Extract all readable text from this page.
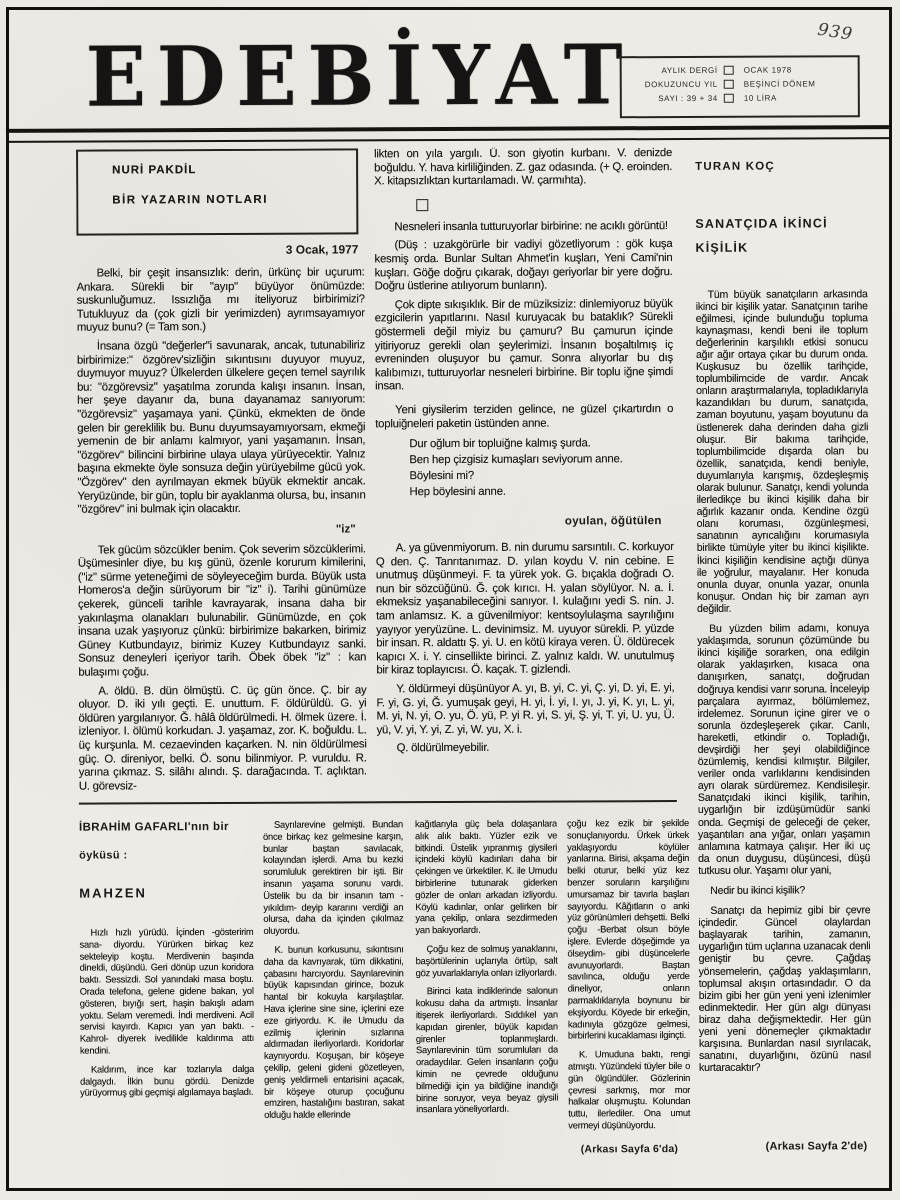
EDEBİYAT	939
AYLIK DERGİ	OCAK 1978
DOKUZUNCU YIL	BEŞİNCİ DÖNEM
SAYI : 39 + 34	10 LİRA

NURİ PAKDİL

BİR YAZARIN NOTLARI

3 Ocak, 1977

Belki, bir çeşit insansızlık: derin, ürkünç bir uçurum: Ankara. Sürekli bir "ayıp" büyüyor önümüzde: suskunluğumuz. Issızlığa mı iteliyoruz birbirimizi? Tutukluyuz da (çok gizli bir yerimizden) ayrımsayamıyor muyuz bunu? (= Tam son.)

İnsana özgü "değerler"i savunarak, ancak, tutunabiliriz birbirimize:" özgörev'sizliğin sıkıntısını duyuyor muyuz, duymuyor muyuz? Ülkelerden ülkelere geçen temel sayrılık bu: "özgörevsiz" yaşatılma zorunda kalışı insanın. İnsan, her şeye dayanır da, buna dayanamaz sanıyorum: "özgörevsiz" yaşamaya yani. Çünkü, ekmekten de önde gelen bir gereklilik bu. Bunu duyumsayamıyorsam, ekmeği yemenin de bir anlamı kalmıyor, yani yaşamanın. İnsan, "özgörev" bilincini birbirine ulaya ulaya yürüyecektir. Yalnız başına ekmekte öyle sonsuza değin yürüyebilme gücü yok. "Özgörev" den ayrılmayan ekmek büyük ekmektir ancak. Yeryüzünde, bir gün, toplu bir ayaklanma olursa, bu, insanın "özgörev" ini bulmak için olacaktır.

"iz"

Tek gücüm sözcükler benim. Çok severim sözcüklerimi. Üşümesinler diye, bu kış günü, özenle korurum kimilerini, ("iz" sürme yeteneğimi de söyleyeceğim burda. Büyük usta Homeros'a değin sürüyorum bir "iz" i). Tarihi günümüze çekerek, günceli tarihle kavrayarak, insana daha bir yakınlaşma olanakları bulunabilir. Günümüzde, en çok insana uzak yaşıyoruz çünkü: birbirimize bakarken, birimiz Güney Kutbundayız, birimiz Kuzey Kutbundayız sanki. Sonsuz deneyleri içeriyor tarih. Öbek öbek "iz" : kan bulaşımı çoğu.

A. öldü. B. dün ölmüştü. C. üç gün önce. Ç. bir ay oluyor. D. iki yılı geçti. E. unuttum. F. öldürüldü. G. yi öldüren yargılanıyor. Ğ. hâlâ öldürülmedi. H. ölmek üzere. İ. izleniyor. I. ölümü korkudan. J. yaşamaz, zor. K. boğuldu. L. üç kurşunla. M. cezaevinden kaçarken. N. nin öldürülmesi güç. O. direniyor, belki. Ö. sonu bilinmiyor. P. vuruldu. R. yarına çıkmaz. S. silâhı alındı. Ş. darağacında. T. açlıktan. U. görevsiz-

likten on yıla yargılı. Ü. son giyotin kurbanı. V. denizde boğuldu. Y. hava kirliliğinden. Z. gaz odasında. (+ Q. eroinden. X. kitapsızlıktan kurtarılamadı. W. çarmıhta).

Nesneleri insanla tutturuyorlar birbirine: ne acıklı görüntü!

(Düş : uzakgörürle bir vadiyi gözetliyorum : gök kuşa kesmiş orda. Bunlar Sultan Ahmet'in kuşları, Yeni Cami'nin kuşları. Göğe doğru çıkarak, doğayı geriyorlar bir yere doğru. Doğru üstlerine atılıyorum bunların).

Çok dipte sıkışıklık. Bir de müziksiziz: dinlemiyoruz büyük ezgicilerin yapıtlarını. Nasıl kuruyacak bu bataklık? Sürekli göstermeli değil miyiz bu çamuru? Bu çamurun içinde yitiriyoruz gerekli olan şeylerimizi. İnsanın boşaltılmış iç evreninden oluşuyor bu çamur. Sonra alıyorlar bu dış kalıbımızı, tutturuyorlar nesneleri birbirine. Bir toplu iğne şimdi insan.

Yeni giysilerim terziden gelince, ne güzel çıkartırdın o topluiğneleri paketin üstünden anne.

Dur oğlum bir topluiğne kalmış şurda.
Ben hep çizgisiz kumaşları seviyorum anne.
Böylesini mi?
Hep böylesini anne.
oyulan, öğütülen

A. ya güvenmiyorum. B. nin durumu sarsıntılı. C. korkuyor Q den. Ç. Tanrıtanımaz. D. yılan koydu V. nin cebine. E unutmuş düşünmeyi. F. ta yürek yok. G. bıçakla doğradı O. nun bir sözcüğünü. Ğ. çok kırıcı. H. yalan söylüyor. N. a. İ. ekmeksiz yaşanabileceğini sanıyor. I. kulağını yedi S. nin. J. tam anlamsız. K. a güvenilmiyor: kentsoylulaşma sayrılığını yayıyor yeryüzüne. L. devinimsiz. M. uyuyor sürekli. P. yüzde bir insan. R. aldattı Ş. yi. U. en kötü kiraya veren. Ü. öldürecek kapıcı X. i. Y. cinsellikte birinci. Z. yalnız kaldı. W. unutulmuş bir kiraz toplayıcısı. Ö. kaçak. T. gizlendi.

Y. öldürmeyi düşünüyor A. yı, B. yi, C. yi, Ç. yi, D. yi, E. yi, F. yi, G. yi, Ğ. yumuşak geyi, H. yi, İ. yi, I. yı, J. yi, K. yı, L. yi, M. yi, N. yi, O. yu, Ö. yü, P. yi R. yi, S. yi, Ş. yi, T. yi, U. yu, Ü. yü, V. yi, Y. yi, Z. yi, W. yu, X. i.

Q. öldürülmeyebilir.

TURAN KOÇ
SANATÇIDA İKİNCİ KİŞİLİK

Tüm büyük sanatçıların arkasında ikinci bir kişilik yatar. Sanatçının tarihe eğilmesi, içinde bulunduğu topluma kaynaşması, kendi beni ile toplum değerlerinin karşılıklı etkisi sonucu ağır ağır ortaya çıkar bu durum onda. Kuşkusuz bu özellik tarihçide, toplumbilimcide de vardır. Ancak onların araştırmalarıyla, topladıklarıyla kazandıkları bu durum, sanatçıda, zaman boyutunu, yaşam boyutunu da üstlenerek daha derinden daha gizli oluşur. Bir bakıma tarihçide, toplumbilimcide dışarda olan bu özellik, sanatçıda, kendi beniyle, duyumlarıyla karışmış, özdeşleşmiş olarak bulunur. Sanatçı, kendi yolunda ilerledikçe bu ikinci kişilik daha bir ağırlık kazanır onda. Kendine özgü olanı koruması, özgünleşmesi, sanatının ayrıcalığını korumasıyla birlikte tümüyle yiter bu ikinci kişilikte. İkinci kişiliğin kendisine açtığı dünya ile yoğrulur, mayalanır. Her konuda onunla duyar, onunla yazar, onunla konuşur. Ondan hiç bir zaman ayrı değildir.

Bu yüzden bilim adamı, konuya yaklaşımda, sorunun çözümünde bu ikinci kişiliğe sorarken, ona edilgin olarak yaklaşırken, kısaca ona danışırken, sanatçı, doğrudan doğruya kendisi varır soruna. İnceleyip parçalara ayırmaz, bölümlemez, irdelemez. Sorunun içine girer ve o sorunla özdeşleşerek çıkar. Canlı, hareketli, etkindir o. Topladığı, devşirdiği her şeyi olabildiğince özümlemiş, kendisi kılmıştır. Bilgiler, veriler onda varlıklarını kendisinden ayrı olarak sürdüremez. Kendisileşir. Sanatçıdaki ikinci kişilik, tarihin, uygarlığın bir izdüşümüdür sanki onda. Geçmişi de geleceği de çeker, yaşantıları ana yığar, onları yaşamın anlamına katmaya çalışır. Her iki uç da onun duygusu, düşüncesi, düşü tutkusu olur. Yaşamı olur yani,

Nedir bu ikinci kişilik?

Sanatçı da hepimiz gibi bir çevre içindedir. Güncel olaylardan başlayarak tarihin, zamanın, uygarlığın tüm uçlarına uzanacak denli geniştir bu çevre. Çağdaş yönsemelerin, çağdaş yaklaşımların, toplumsal akışın ortasındadır. O da bizim gibi her gün yeni yeni izlenimler edinmektedir. Her gün algı dünyası biraz daha değişmektedir. Her gün yeni yeni dönemeçler çıkmaktadır karşısına. Bunlardan nasıl sıyrılacak, sanatını, duyarlığını, özünü nasıl kurtaracaktır?

(Arkası Sayfa 2'de)
İBRAHİM GAFARLI'nın bir
öyküsü :
MAHZEN

Hızlı hızlı yürüdü. İçinden -gösteririm sana- diyordu. Yürürken birkaç kez sekteleyip koştu. Merdivenin başında dineldi, düşündü. Geri dönüp uzun koridora baktı. Sessizdi. Sol yanındaki masa boştu. Orada telefona, gelene gidene bakan, yol gösteren, bıyığı sert, haşin bakışlı adam yoktu. Selam veremedi. İndi merdiveni. Acil servisi kayırdı. Kapıcı yan yan baktı. -Kahrol- diyerek ivedilikle kaldırıma attı kendini.

Kaldırım, ince kar tozlarıyla dalga dalgaydı. İlkin bunu gördü. Denizde yürüyormuş gibi geçmişi algılamaya başladı.

Sayrılarevine gelmişti. Bundan önce birkaç kez gelmesine karşın, bunlar baştan savılacak, kolayından işlerdi. Ama bu kezki sorumluluk gerektiren bir işti. Bir insanın yaşama sorunu vardı. Üstelik bu da bir insanın tam -yıkıldım- deyip kararını verdiği an olursa, daha da içinden çıkılmaz oluyordu.

K. bunun korkusunu, sıkıntısını daha da kavrıyarak, tüm dikkatini, çabasını harcıyordu. Sayrılarevinin büyük kapısından girince, bozuk hantal bir kokuyla karşılaştılar. Hava içlerine sine sine, içlerini eze eze giriyordu. K. ile Umudu da ezilmiş içlerinin sızlarına aldırmadan ilerliyorlardı. Koridorlar kaynıyordu. Koşuşan, bir köşeye çekilip, geleni gideni gözetleyen, geniş yeldirmeli entarisini açacak, bir köşeye oturup çocuğunu emziren, hastalığını bastıran, sakat olduğu halde ellerinde

kağıtlarıyla güç bela dolaşanlara alık alık baktı. Yüzler ezik ve bitkindi. Üstelik yıpranmış giysileri içindeki köylü kadınları daha bir çekingen ve ürkektiler. K. ile Umudu birbirlerine tutunarak giderken gözler de onları arkadan izliyordu. Köylü kadınlar, onlar gelirken bir yana çekilip, onlara sezdirmeden yan bakıyorlardı.

Çoğu kez de solmuş yanaklarını, başörtülerinin uçlarıyla örtüp, salt göz yuvarlaklarıyla onları izliyorlardı.

Birinci kata indiklerinde salonun kokusu daha da artmıştı. İnsanlar itişerek ilerliyorlardı. Sıddıkel yan kapıdan girenler, büyük kapıdan girenler toplanmışlardı. Sayrılarevinin tüm sorumluları da oradaydılar. Gelen insanların çoğu kimin ne çevrede olduğunu bilmediği için ya bildiğine inandığı birine soruyor, veya beyaz giysili insanlara yöneliyorlardı.

çoğu kez ezik bir şekilde sonuçlanıyordu. Ürkek ürkek yaklaşıyordu köylüler yanlarına. Birisi, akşama değin belki oturur, belki yüz kez benzer soruların karşılığını umursamaz bir tavırla başları sayıyordu. Kâğıtların o anki yüz görünümleri dehşetti. Belki çoğu -Berbat olsun böyle işlere. Evlerde döşeğimde ya ölseydim- gibi düşüncelerle avunuyorlardı. Baştan savılınca, olduğu yerde dineliyor, onların parmaklıklarıyla boynunu bir ekşiyordu. Köyede bir erkeğin, kadınıyla gözgöze gelmesi, birbirlerini kucaklaması ilginçti.

K. Umuduna baktı, rengi atmıştı. Yüzündeki tüyler bile o gün ölgündüler. Gözlerinin çevresi sarkmış, mor mor halkalar oluşmuştu. Kolundan tuttu, ilerlediler. Ona umut vermeyi düşünüyordu.

(Arkası Sayfa 6'da)
